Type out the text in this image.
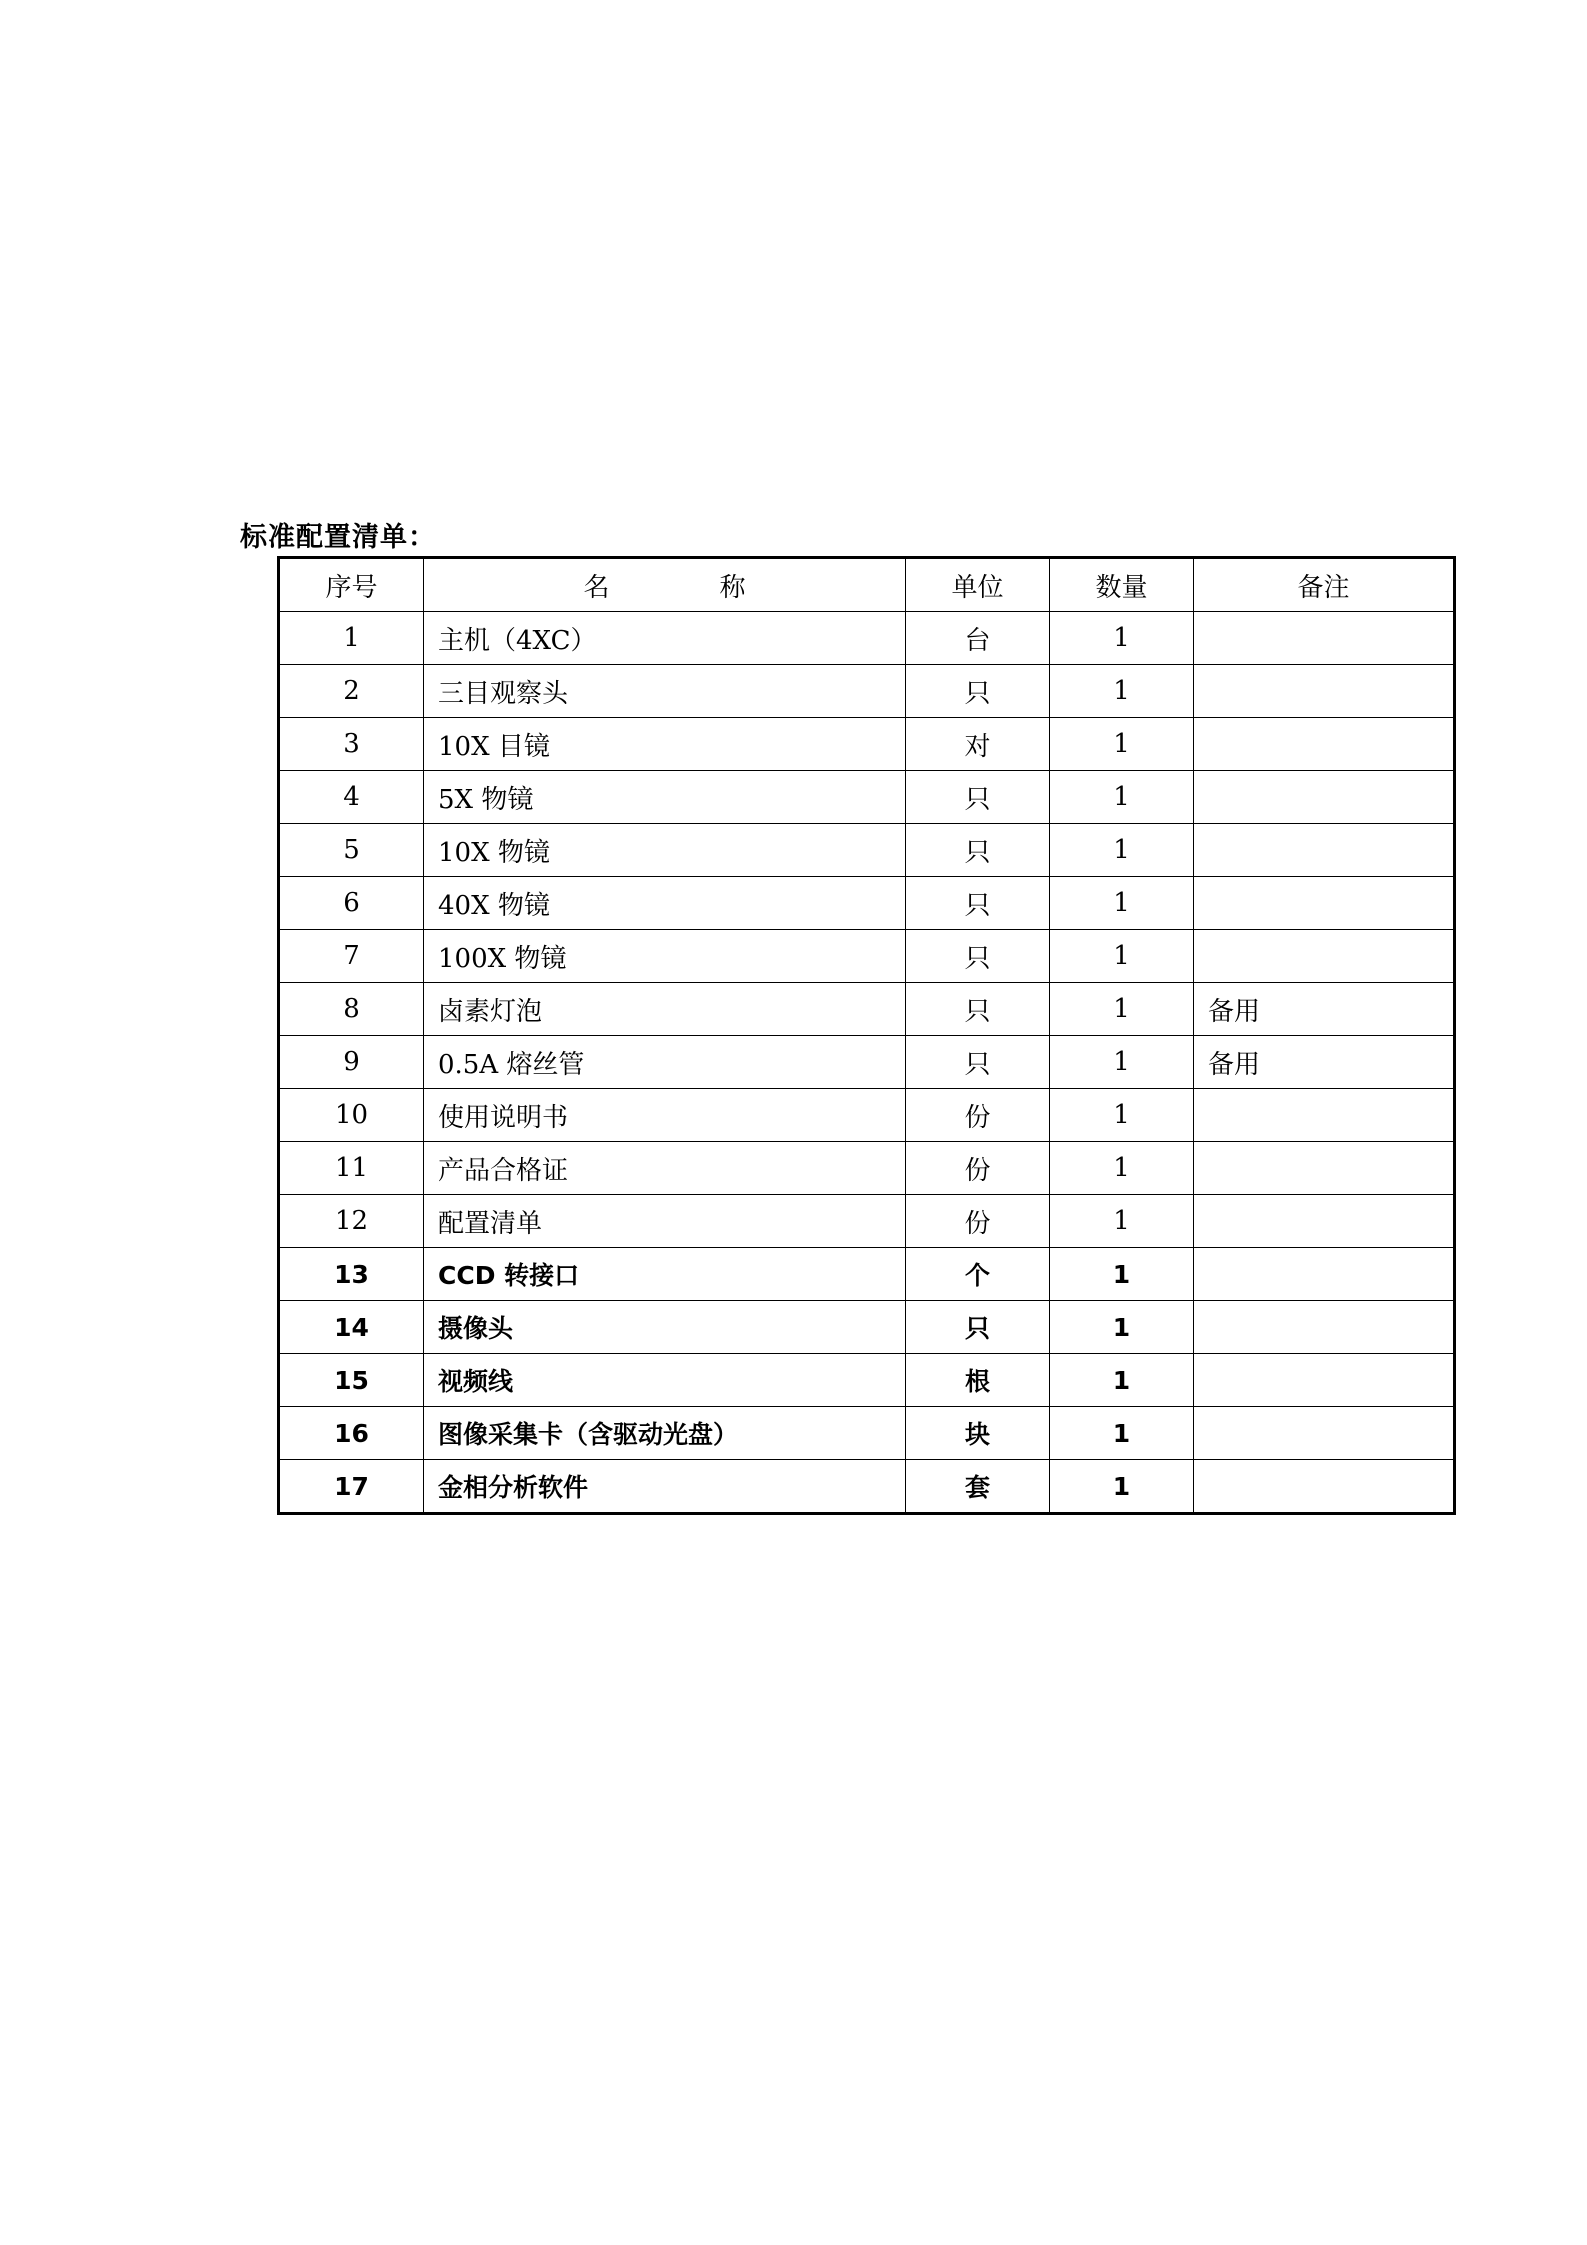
标准配置清单：
序号	名 称	单位	数量	备注
1	主机（4XC）	台	1	
2	三目观察头	只	1	
3	10X 目镜	对	1	
4	5X 物镜	只	1	
5	10X 物镜	只	1	
6	40X 物镜	只	1	
7	100X 物镜	只	1	
8	卤素灯泡	只	1	备用
9	0.5A 熔丝管	只	1	备用
10	使用说明书	份	1	
11	产品合格证	份	1	
12	配置清单	份	1	
13	CCD 转接口	个	1	
14	摄像头	只	1	
15	视频线	根	1	
16	图像采集卡（含驱动光盘）	块	1	
17	金相分析软件	套	1	
